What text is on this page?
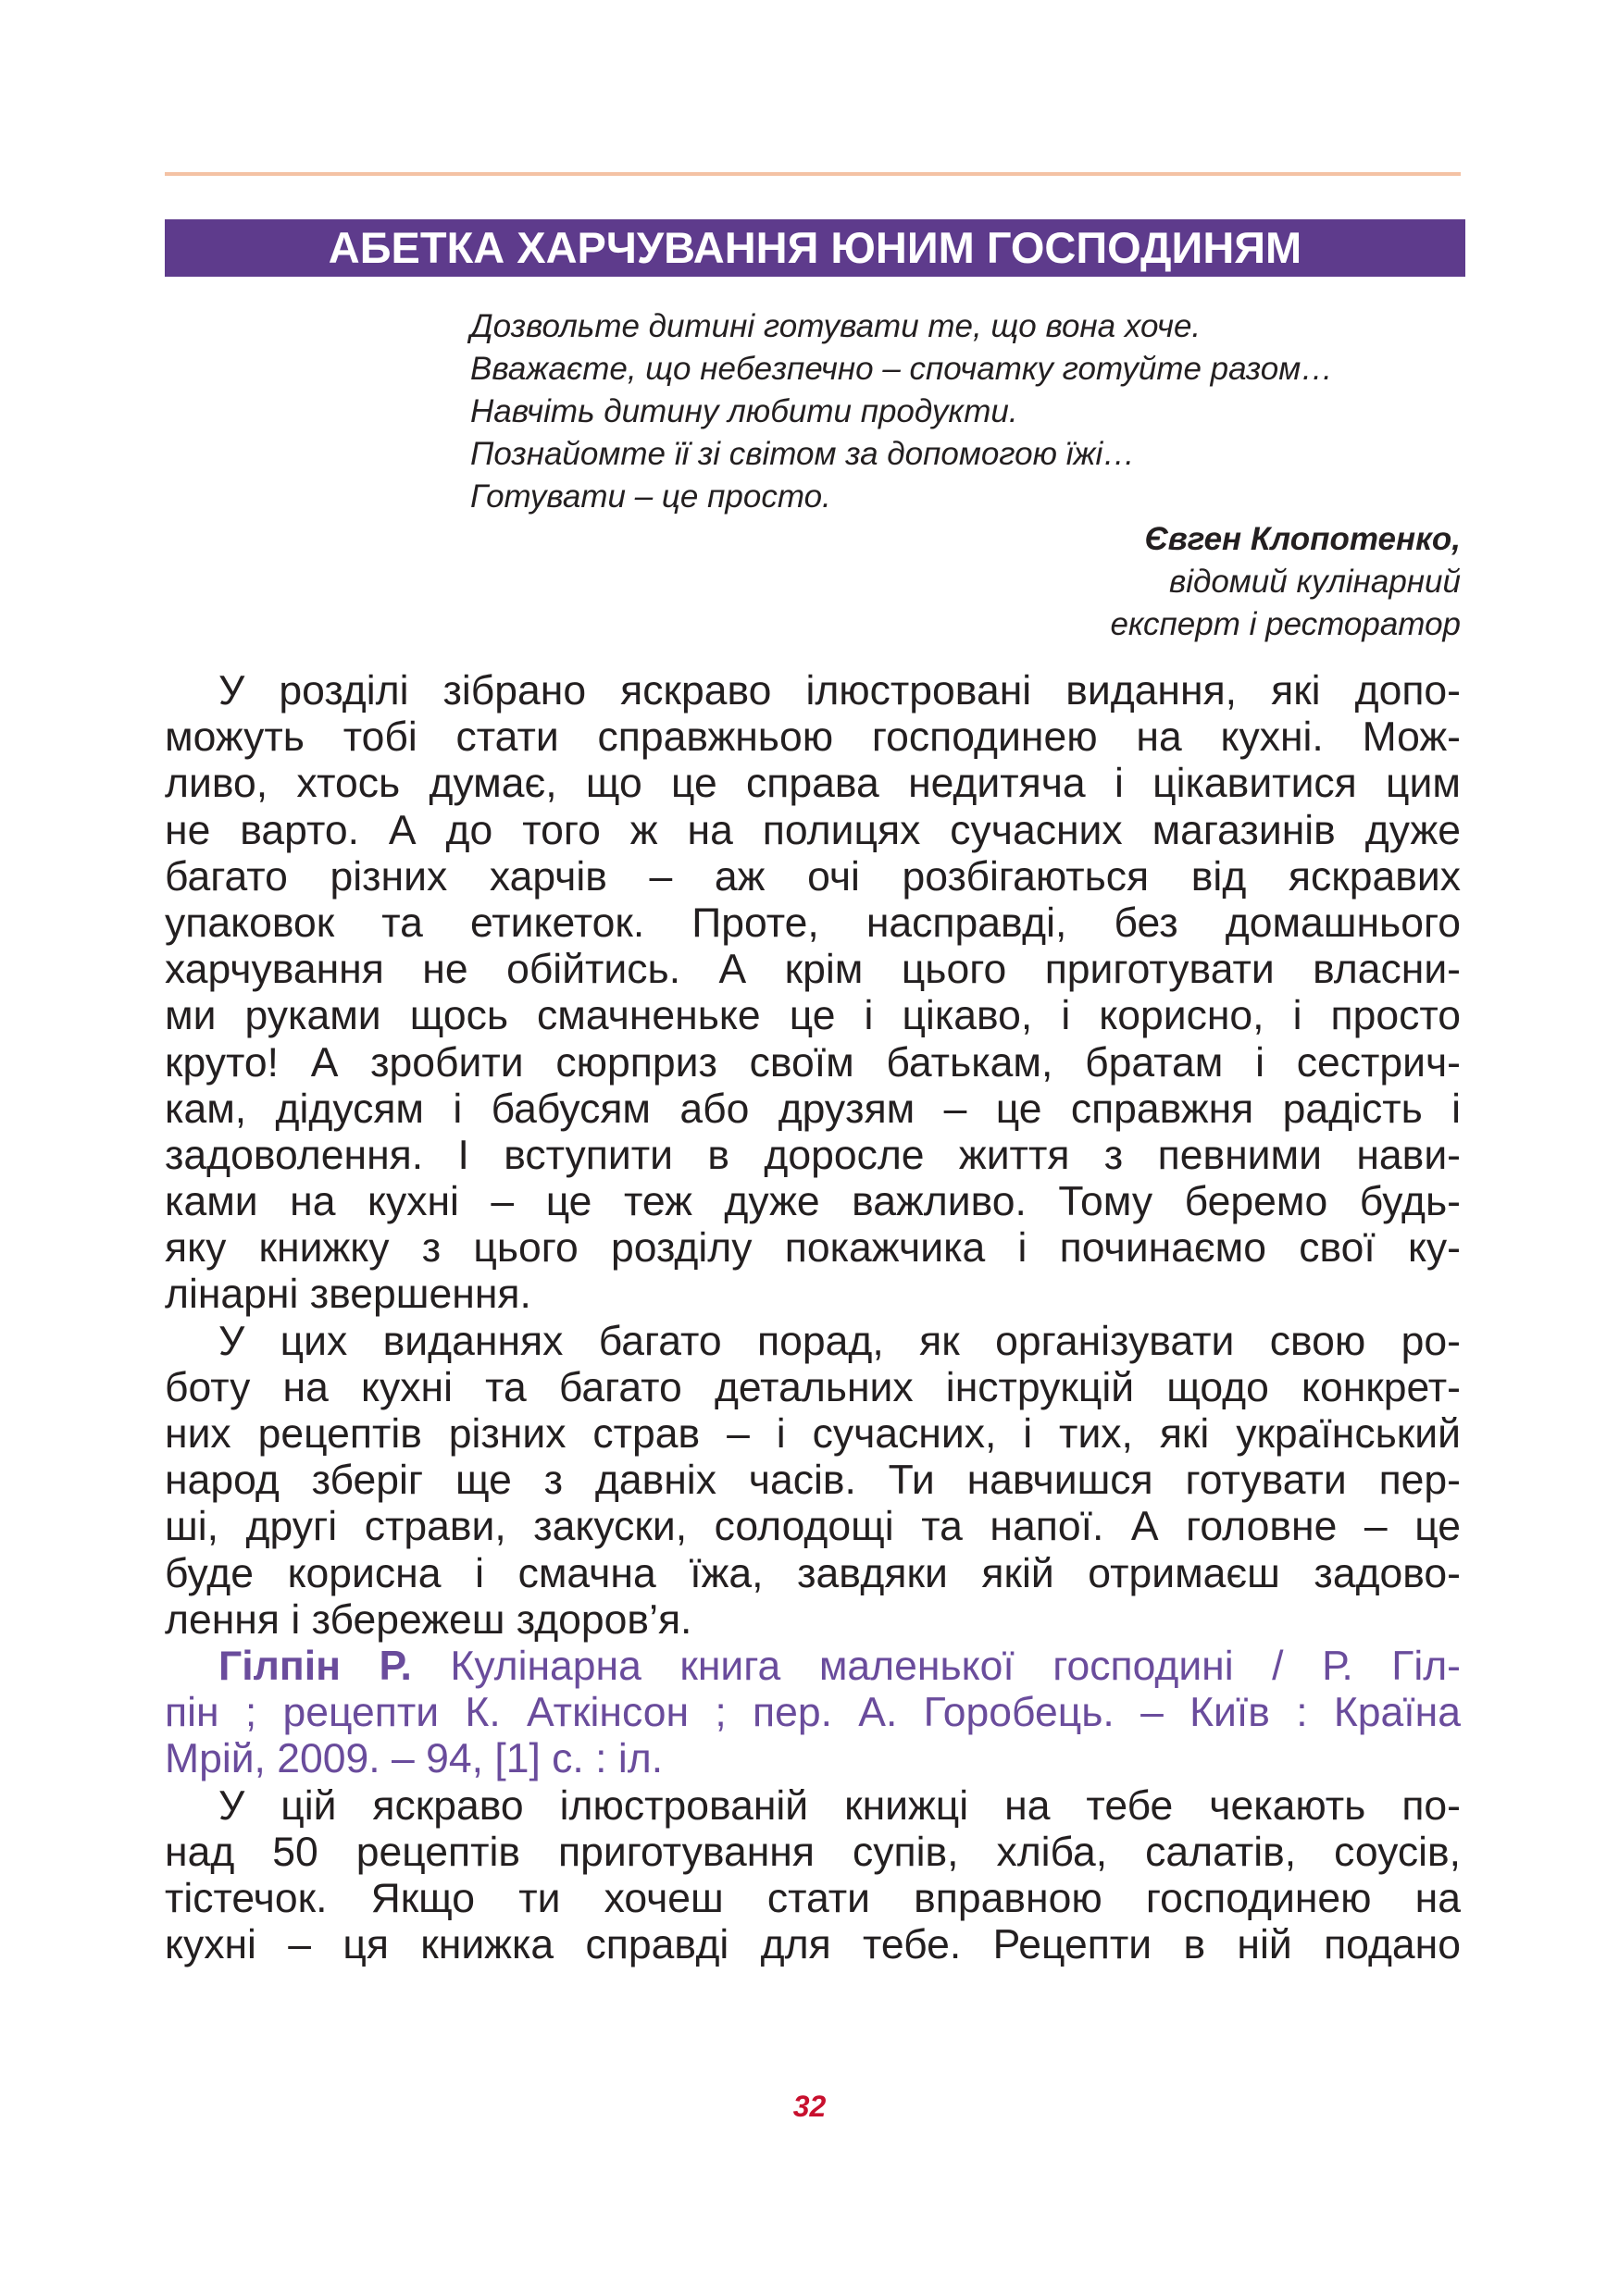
АБЕТКА ХАРЧУВАННЯ ЮНИМ ГОСПОДИНЯМ
Дозвольте дитині готувати те, що вона хоче.
Вважаєте, що небезпечно – спочатку готуйте разом…
Навчіть дитину любити продукти.
Познайомте її зі світом за допомогою їжі…
Готувати – це просто.
Євген Клопотенко,
відомий кулінарний
експерт і ресторатор
У розділі зібрано яскраво ілюстровані видання, які допо-
можуть тобі стати справжньою господинею на кухні. Мож-
ливо, хтось думає, що це справа недитяча і цікавитися цим
не варто. А до того ж на полицях сучасних магазинів дуже
багато різних харчів – аж очі розбігаються від яскравих
упаковок та етикеток. Проте, насправді, без домашнього
харчування не обійтись. А крім цього приготувати власни-
ми руками щось смачненьке це і цікаво, і корисно, і просто
круто! А зробити сюрприз своїм батькам, братам і сестрич-
кам, дідусям і бабусям або друзям – це справжня радість і
задоволення. І вступити в доросле життя з певними нави-
ками на кухні – це теж дуже важливо. Тому беремо будь-
яку книжку з цього розділу покажчика і починаємо свої ку-
лінарні звершення.
У цих виданнях багато порад, як організувати свою ро-
боту на кухні та багато детальних інструкцій щодо конкрет-
них рецептів різних страв – і сучасних, і тих, які український
народ зберіг ще з давніх часів. Ти навчишся готувати пер-
ші, другі страви, закуски, солодощі та напої. А головне – це
буде корисна і смачна їжа, завдяки якій отримаєш задово-
лення і збережеш здоров’я.
Гілпін Р. Кулінарна книга маленької господині / Р. Гіл-
пін ; рецепти К. Аткінсон ; пер. А. Горобець. – Київ : Країна
Мрій, 2009. – 94, [1] с. : іл.
У цій яскраво ілюстрованій книжці на тебе чекають по-
над 50 рецептів приготування супів, хліба, салатів, соусів,
тістечок. Якщо ти хочеш стати вправною господинею на
кухні – ця книжка справді для тебе. Рецепти в ній подано
32
